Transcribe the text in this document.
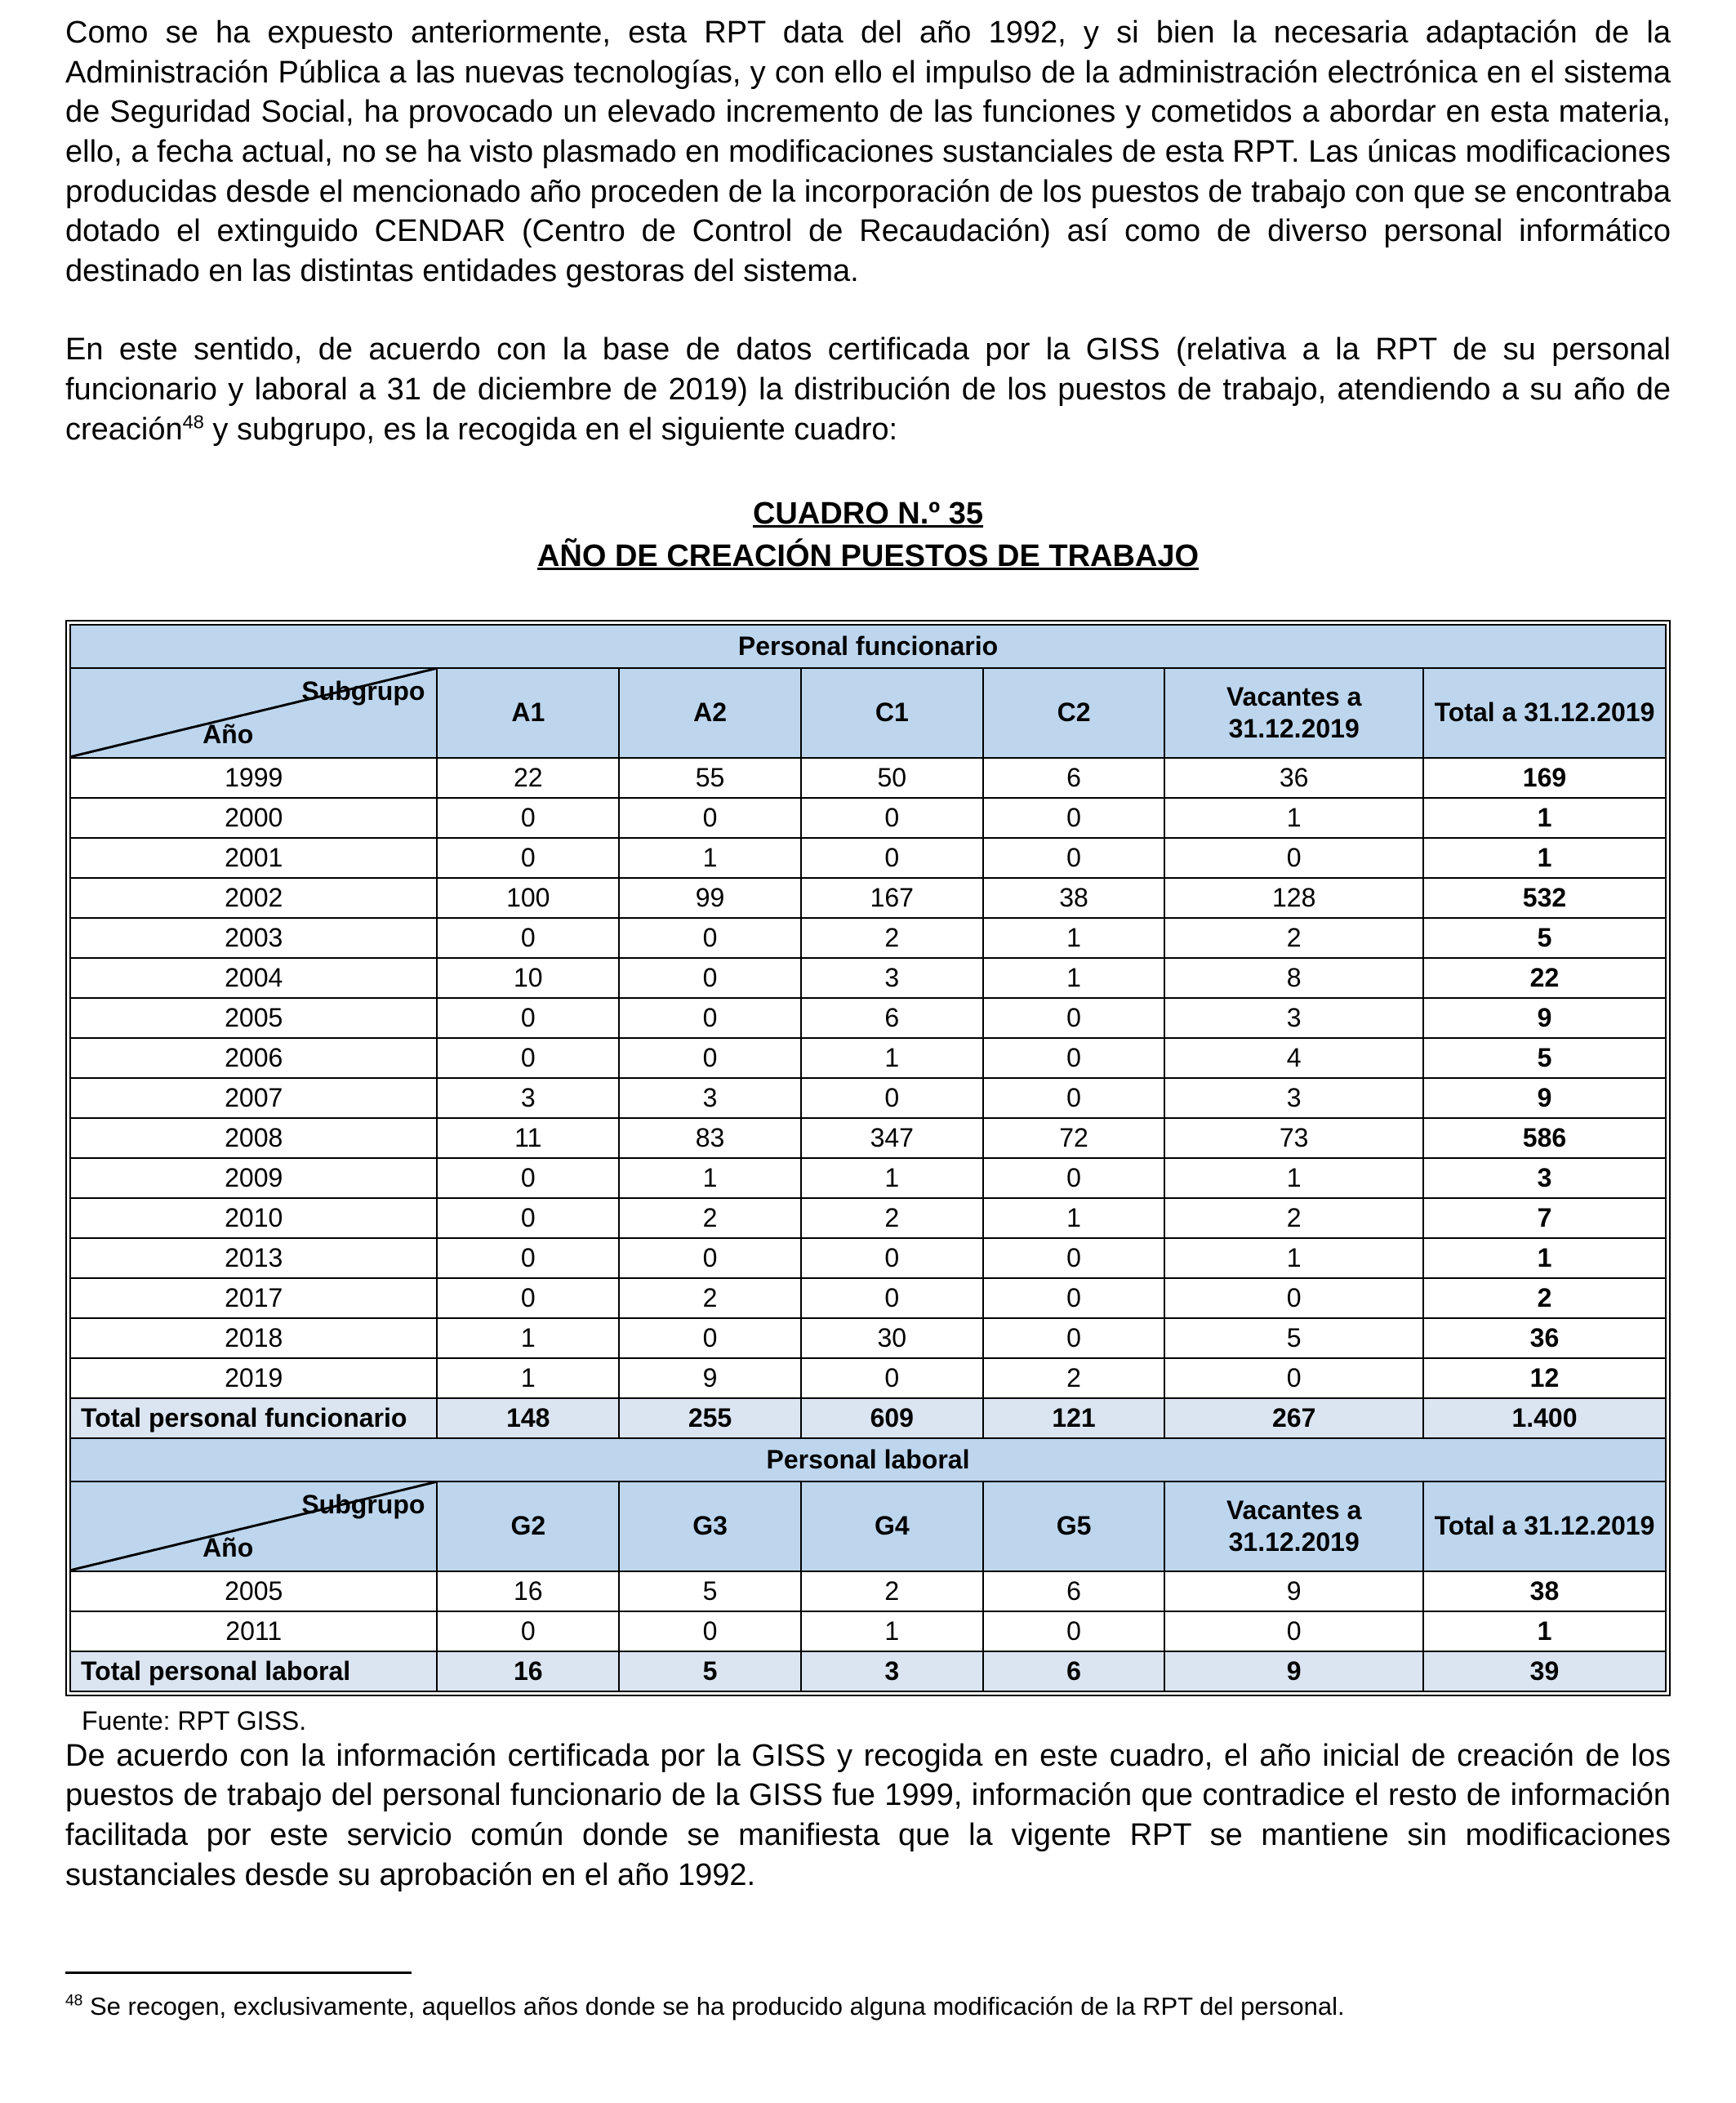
Como se ha expuesto anteriormente, esta RPT data del año 1992, y si bien la necesaria adaptación de la Administración Pública a las nuevas tecnologías, y con ello el impulso de la administración electrónica en el sistema de Seguridad Social, ha provocado un elevado incremento de las funciones y cometidos a abordar en esta materia, ello, a fecha actual, no se ha visto plasmado en modificaciones sustanciales de esta RPT. Las únicas modificaciones producidas desde el mencionado año proceden de la incorporación de los puestos de trabajo con que se encontraba dotado el extinguido CENDAR (Centro de Control de Recaudación) así como de diverso personal informático destinado en las distintas entidades gestoras del sistema.

En este sentido, de acuerdo con la base de datos certificada por la GISS (relativa a la RPT de su personal funcionario y laboral a 31 de diciembre de 2019) la distribución de los puestos de trabajo, atendiendo a su año de creación$^{48}$ y subgrupo, es la recogida en el siguiente cuadro:

CUADRO N.º 35
AÑO DE CREACIÓN PUESTOS DE TRABAJO
Personal funcionario						

Subgrupo
Año	A1	A2	C1	C2	Vacantes a 31.12.2019	Total a 31.12.2019
1999	22	55	50	6	36	169
2000	0	0	0	0	1	1
2001	0	1	0	0	0	1
2002	100	99	167	38	128	532
2003	0	0	2	1	2	5
2004	10	0	3	1	8	22
2005	0	0	6	0	3	9
2006	0	0	1	0	4	5
2007	3	3	0	0	3	9
2008	11	83	347	72	73	586
2009	0	1	1	0	1	3
2010	0	2	2	1	2	7
2013	0	0	0	0	1	1
2017	0	2	0	0	0	2
2018	1	0	30	0	5	36
2019	1	9	0	2	0	12
Total personal funcionario	148	255	609	121	267	1.400
Personal laboral						

Subgrupo
Año	G2	G3	G4	G5	Vacantes a 31.12.2019	Total a 31.12.2019
2005	16	5	2	6	9	38
2011	0	0	1	0	0	1
Total personal laboral	16	5	3	6	9	39
Fuente: RPT GISS.

De acuerdo con la información certificada por la GISS y recogida en este cuadro, el año inicial de creación de los puestos de trabajo del personal funcionario de la GISS fue 1999, información que contradice el resto de información facilitada por este servicio común donde se manifiesta que la vigente RPT se mantiene sin modificaciones sustanciales desde su aprobación en el año 1992.

$^{48}$ Se recogen, exclusivamente, aquellos años donde se ha producido alguna modificación de la RPT del personal.
